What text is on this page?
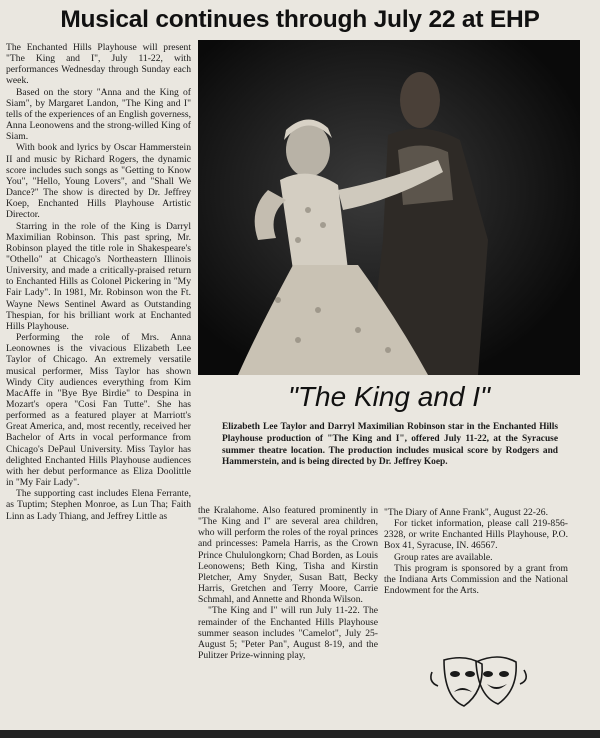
Musical continues through July 22 at EHP

The Enchanted Hills Playhouse will present "The King and I", July 11-22, with performances Wednesday through Sunday each week.

Based on the story "Anna and the King of Siam", by Margaret Landon, "The King and I" tells of the experiences of an English governess, Anna Leonowens and the strong-willed King of Siam.

With book and lyrics by Oscar Hammerstein II and music by Richard Rogers, the dynamic score includes such songs as "Getting to Know You", "Hello, Young Lovers", and "Shall We Dance?" The show is directed by Dr. Jeffrey Koep, Enchanted Hills Playhouse Artistic Director.

Starring in the role of the King is Darryl Maximilian Robinson. This past spring, Mr. Robinson played the title role in Shakespeare's "Othello" at Chicago's Northeastern Illinois University, and made a critically-praised return to Enchanted Hills as Colonel Pickering in "My Fair Lady". In 1981, Mr. Robinson won the Ft. Wayne News Sentinel Award as Outstanding Thespian, for his brilliant work at Enchanted Hills Playhouse.

Performing the role of Mrs. Anna Leonownes is the vivacious Elizabeth Lee Taylor of Chicago. An extremely versatile musical performer, Miss Taylor has shown Windy City audiences everything from Kim MacAffe in "Bye Bye Birdie" to Despina in Mozart's opera "Cosi Fan Tutte". She has performed as a featured player at Marriott's Great America, and, most recently, received her Bachelor of Arts in vocal performance from Chicago's DePaul University. Miss Taylor has delighted Enchanted Hills Playhouse audiences with her debut performance as Eliza Doolittle in "My Fair Lady".

The supporting cast includes Elena Ferrante, as Tuptim; Stephen Monroe, as Lun Tha; Faith Linn as Lady Thiang, and Jeffrey Little as

"The King and I"

Elizabeth Lee Taylor and Darryl Maximilian Robinson star in the Enchanted Hills Playhouse production of "The King and I", offered July 11-22, at the Syracuse summer theatre location. The production includes musical score by Rodgers and Hammerstein, and is being directed by Dr. Jeffrey Koep.

the Kralahome. Also featured prominently in "The King and I" are several area children, who will perform the roles of the royal princes and princesses: Pamela Harris, as the Crown Prince Chululongkorn; Chad Borden, as Louis Leonowens; Beth King, Tisha and Kirstin Pletcher, Amy Snyder, Susan Batt, Becky Harris, Gretchen and Terry Moore, Carrie Schmahl, and Annette and Rhonda Wilson.

"The King and I" will run July 11-22. The remainder of the Enchanted Hills Playhouse summer season includes "Camelot", July 25-August 5; "Peter Pan", August 8-19, and the Pulitzer Prize-winning play,

"The Diary of Anne Frank", August 22-26.

For ticket information, please call 219-856-2328, or write Enchanted Hills Playhouse, P.O. Box 41, Syracuse, IN. 46567.

Group rates are available.

This program is sponsored by a grant from the Indiana Arts Commission and the National Endowment for the Arts.
